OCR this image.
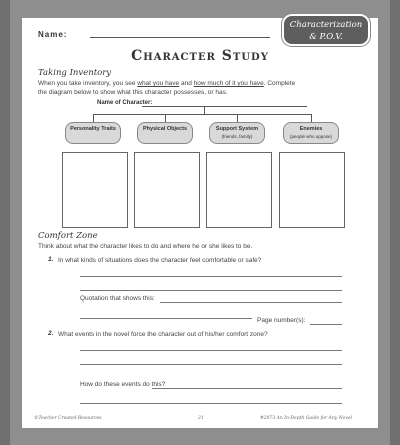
Name:
Characterization
& P.O.V.
Character Study
Taking Inventory
When you take inventory, you see what you have and how much of it you have. Complete
the diagram below to show what this character possesses, or has.
Name of Character:
Personality Traits	Physical Objects	Support System
(friends, family)
Enemies
(people who oppose)
Comfort Zone
Think about what the character likes to do and where he or she likes to be.
1. In what kinds of situations does the character feel comfortable or safe?
Quotation that shows this:
Page number(s):
2. What events in the novel force the character out of his/her comfort zone?
How do these events do this?
©Teacher Created Resources	21	#2973 An In-Depth Guide for Any Novel
